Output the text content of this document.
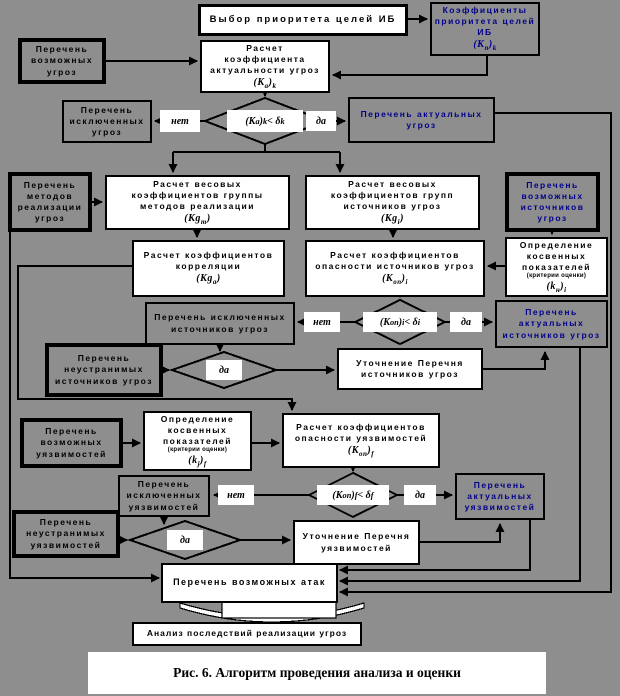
Выбор приоритета целей ИБ
Коэффициенты приоритета целей ИБ
$(К_п)_k$
Перечень возможных угроз
Расчет коэффициента актуальности угроз
$(К_а)_k$
Перечень исключенных угроз
нет	(К а ) k < δ k	да
Перечень актуальных угроз
Перечень методов реализации угроз
Расчет весовых коэффициентов группы методов реализации
$(Кg_m)$
Расчет весовых коэффициентов групп источников угроз
$(Кg_i)$
Перечень возможных источников угроз
Расчет коэффициентов корреляции
$(Кg_а)$
Расчет коэффициентов опасности источников угроз
$(К_{оп})_i$
Определение косвенных показателей
(критерии оценки)
$(k_н)_i$
Перечень исключенных источников угроз
нет	(К оп ) i < δ i	да
Перечень актуальных источников угроз
Перечень неустранимых источников угроз
да
Уточнение Перечня источников угроз
Перечень возможных уязвимостей
Определение косвенных показателей
(критерии оценки)
$(k_j)_f$
Расчет коэффициентов опасности уязвимостей
$(К_{оп})_f$
Перечень исключенных уязвимостей
нет	(К оп ) f < δ f	да
Перечень актуальных уязвимостей
Перечень неустранимых уязвимостей	да	Уточнение Перечня уязвимостей
Перечень возможных атак
Анализ последствий реализации угроз
Рис. 6. Алгоритм проведения анализа и оценки
